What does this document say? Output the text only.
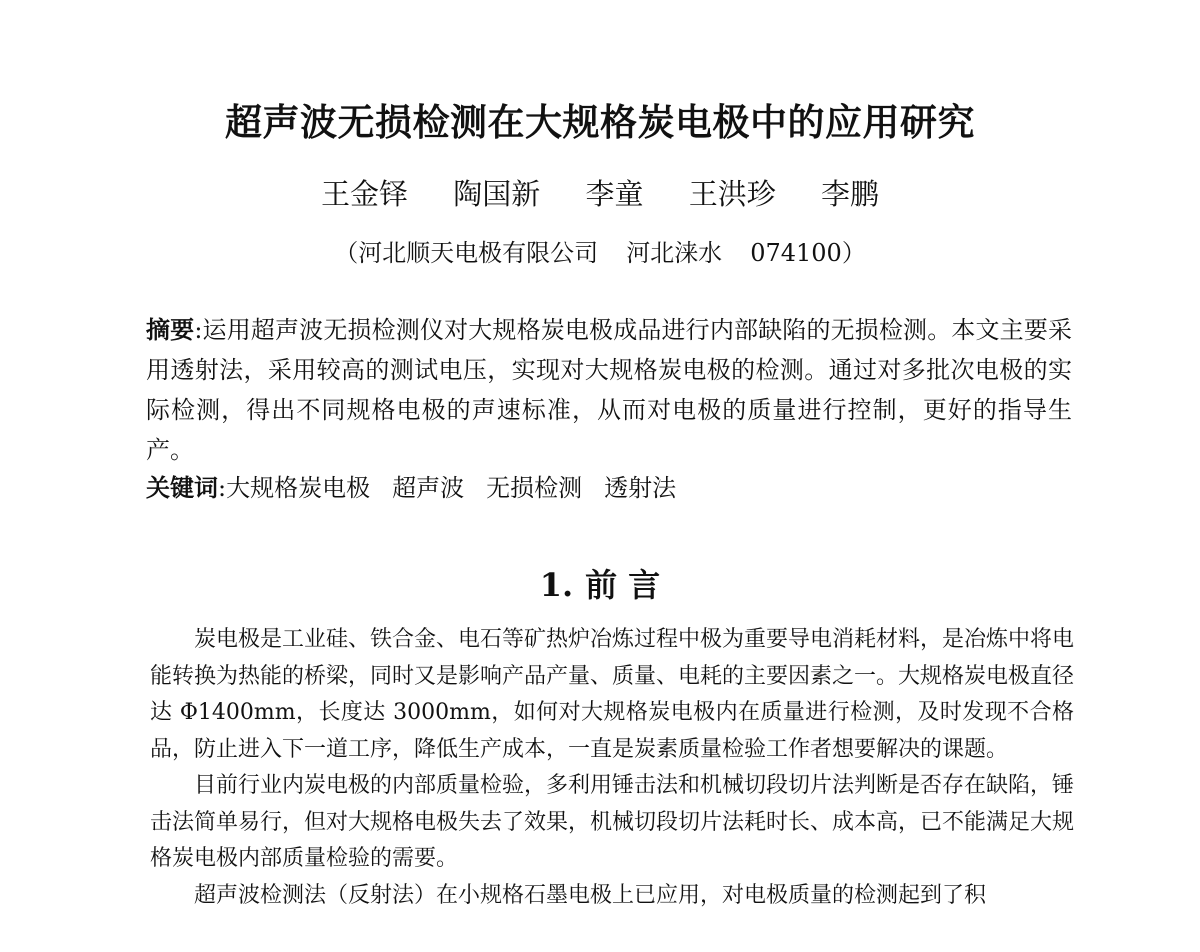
超声波无损检测在大规格炭电极中的应用研究
王金铎 陶国新 李童 王洪珍 李鹏
（河北顺天电极有限公司 河北涞水 074100）

摘要:运用超声波无损检测仪对大规格炭电极成品进行内部缺陷的无损检测。本文主要采用透射法，采用较高的测试电压，实现对大规格炭电极的检测。通过对多批次电极的实际检测，得出不同规格电极的声速标准，从而对电极的质量进行控制，更好的指导生产。

关键词:大规格炭电极 超声波 无损检测 透射法

1. 前 言

炭电极是工业硅、铁合金、电石等矿热炉冶炼过程中极为重要导电消耗材料，是冶炼中将电能转换为热能的桥梁，同时又是影响产品产量、质量、电耗的主要因素之一。大规格炭电极直径达 Φ1400mm，长度达 3000mm，如何对大规格炭电极内在质量进行检测，及时发现不合格品，防止进入下一道工序，降低生产成本，一直是炭素质量检验工作者想要解决的课题。

目前行业内炭电极的内部质量检验，多利用锤击法和机械切段切片法判断是否存在缺陷，锤击法简单易行，但对大规格电极失去了效果，机械切段切片法耗时长、成本高，已不能满足大规格炭电极内部质量检验的需要。

超声波检测法（反射法）在小规格石墨电极上已应用，对电极质量的检测起到了积
